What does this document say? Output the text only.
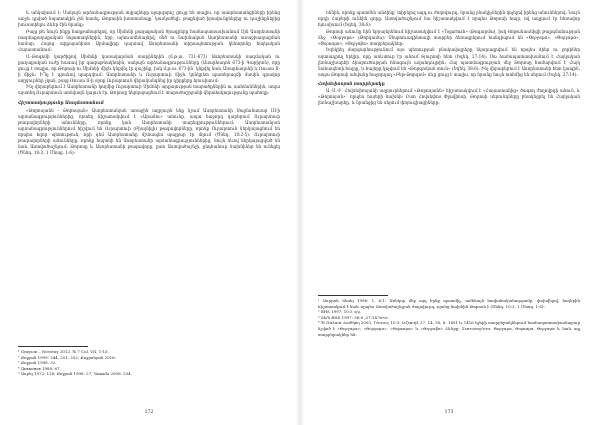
և անկախում է: Սակայն արձանագրության տվյալները պարզորոշ ցույց են տալիս, որ ասորեստանցիների իրենց առջև դրված նպատակին չեն հասել. Թորոսին խոստանալը՝ կասկածելի, թաքնված իրավունքներից ու դաշինքներից խուսափելու ձևեր էին նրանք։

Բայց թե նույն ինքը հաղթահարելով, որ Սիմոնի քաղաքական ծրագրերը համապատասխանում էին Ասորեստանի ռազմաքաղաքական նպատակներին, երբ, այնուամենայնիվ, մեծ ու նախնական Ասորեստանի առաջխաղացման համար, Հայոց արքայանիստ Արմավիրը դարձավ Ասորեստանի տիրապետության կենտրոնը հայկական Հայաստանում։

Ս.-Թոգոմի կարծիքով Սիմոնի կառավարման տարիներին (մ.թ.ա. 721-673) Ասորեստանի ռազմական ու քաղաքական ուժը հասավ իր գագաթնակետին, սակայն արձանագրությունները (Ասարհադոն 673-ի Գաբիրոն), որը ցույց է տալիս, որ Թորոսի ու Սիմոնի միջև կնքվել էր դաշինք, իսկ մ.թ.ա. 673-ին՝ կնքվել նաև Ասարհադոնի և Ռուսա II-ի միջև։ Ի՞նչ է դրանով պարզվում. Ասորեստանի և Ուրարտուի միջև կոնկրետ պատերազմի մասին գրավոր աղբյուրներ չկան, բայց Ռուսա II-ի օրոք Ուրարտուն վերականգնեց իր դիրքերը հյուսիսում։

Ինչ վերաբերում է Ասորեստանի կողմից Ուրարտուի Սիմոնի արքայության տարածքներին ու սահմաններին, ապա այստեղ Ուրարտուն առնվազն կայուն էր. Թորոսը ներկայացնում է տարածաշրջանի վերահսկողությունը պահողը։

Հիշատակությունը Ասորեստանում

«Թորոսյանն – Թորոսյան» Ասորեստանյան առաջին աղբյուրն ենք նշում Ասորեստանի Սալմանասար III-ի արձանագրություններից, որտեղ հիշատակվում է «Արամու» անունը, ապա հաջորդ դարերում Ուրարտուի թագավորների անունները, որոնք կան Ասորեստանի տարեգրություններում։ Ասորեստանյան արձանագրություններում հիշվում են Ուրարտուի (Բիայնիլի) թագավորները, որոնք Ուրարտուն ներկայացնում են որպես հզոր պետություն, որի դեմ Ասորեստանը մշտապես պայքար էր մղում (Ծննդ. 10:2-5)։ Ուրարտուի թագավորների անունները, որոնք հայտնի են Ասորեստանի արձանագրություններից, նույն ձևով ներկայացված են նաև Աստվածաշնչում։ Թորոսը և Ասորեստանի թագավորը, ըստ Աստվածաշնչի, ընդհանուր նախնիներ են ունեցել (Ծննդ. 10:3, 1 Մնաց. 1:6)։

¹ Grayson – Novotny 2012. № 7 Col. VII. 1-15.
² Քոջյան 1999: 244, 251, 252; Քոջյանյան 2016:
³ Քոջյան 1998: 32.
⁴ Дьяконов 1989: 67.
⁵ Ասրեյ 1972: 128; Քոջյան 1998: 27; Yamada 2006: 234.
172

ռենիե, որոնք պատմեն անձինք՝ տիրելով ազգ ու ժողովուրդ, նրանց բնակիչներին կոչելով իրենց անուններով։ Նույն որդի Հաբեթի ունեին զորք. Աստվածաշնչում նա հիշատակվում է որպես Թորոսի հայր, ով ապրում էր հեռավոր հյուսիսում (Եզեկ. 38:6)։

Թորոսի անունը հին եբրայերենում հիշատակվում է «Togarmah» (Թոգարմա), իսկ Յոթանասնիցի թարգմանության մեջ՝ «Θοργαμα» (Թորգամա)։ Սեպտուագինտայի տարբեր ձեռագրերում հանդիպում են «Θεργαμα», «Θοργαμα», «Θορκαμα», «Θεργαβα» տարբերակներ։

Եզեկիել մարգարեությունում այս պետության բնակավայրերը նկարագրվում են որպես ձիեր ու ջորիներ արտադրող երկիր, որը առևտուր էր անում Տյուրոսի հետ (Եզեկ. 27:14)։ Սա համապատասխանում է Հայկական լեռնաշխարհի ձիաբուծության հնագույն ավանդույթին։ Հայ պատմագրության մեջ Թորոսը համարվում է Հայկ նահապետի հայրը, և հայերը կոչվում են «Թորգոմյան տուն» (Եզեկ. 38:6)։ Ինչ վերաբերում է Ասորեստանի հետ կապին, ապա Թորոսի անվանը հաջորդող «Բեթ-Թորգոմ» ձևը ցույց է տալիս, որ նրանք նույն տոհմից են սերում (Եզեկ. 27:14)։

Հովսեփոսյան տարբերակը

Ա.-Ս.-Ի՝ Հովսեփոսյանի աղբյուրներում «Թորոսյանն» հիշատակվում է «Հայաստանից» ծագող ժողովրդի անուն, և «Թորոսյան»՝ որպես հայերի նախնի։ Ըստ Հովսեփոս Փլավիոսի, Թորոսի սերունդները բնակեցրել են Հայկական լեռնաշխարհը, և նրանցից են սերում փռյուգիացիները։

¹ Ասրյան Վեսեյ 1996: 1, 6:1: Ասեկոր մեջ այդ երեք պատմիչ, ամենայն հավանականությամբ, փոխվելով, հայերին հիշատակում է նաև որպես Աստվածաշնչյան ժողովուրդ, որոնց նախնին Թորոսն է (Ծննդ. 10:3, 1 Մնաց. 1:6)։
² BHS 1997: עֲשָׂו 10:3.
³ Տհ/ն BHS 1997: ישראל 27:14; 38:6.
⁴ Ἡ Παλαιὰ Διαθήκη 2003, Γένεσις 10:3; Ιεζεκιήλ 27, 14, 38, 6: 1401 և 1416 էջերի տարբերակներում համապատասխանաբար նշված է «Θεργαμα»; «Θοργαμα»; «Θορκαμα» և «Θεργαβα» ձևերը։ Σεπτουαγίντα: Θοργαμα, Θορκαμα, Θεργαμα և նաև այլ տարբերակներ են։
173
